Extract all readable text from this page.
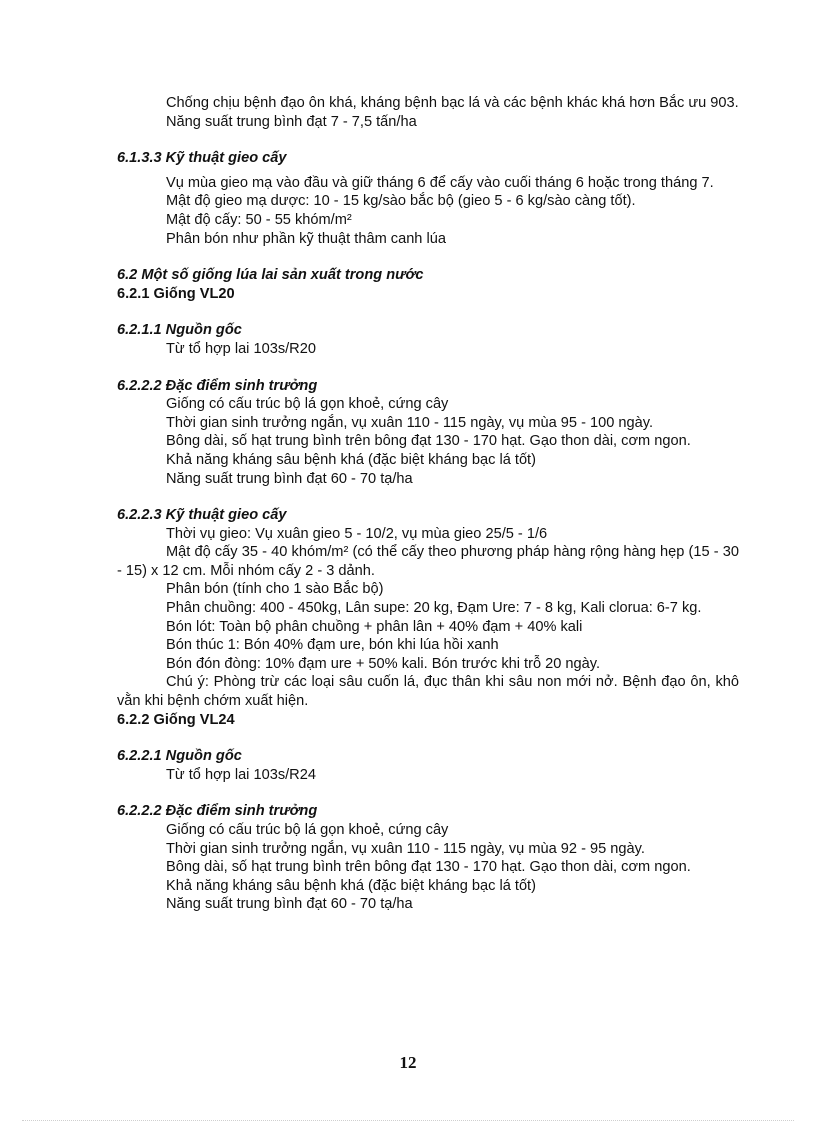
Chống chịu bệnh đạo ôn khá, kháng bệnh bạc lá và các bệnh khác khá hơn Bắc ưu 903.

Năng suất trung bình đạt 7 - 7,5 tấn/ha

6.1.3.3 Kỹ thuật gieo cấy

Vụ mùa gieo mạ vào đầu và giữ tháng 6 để cấy vào cuối tháng 6 hoặc trong tháng 7.

Mật độ gieo mạ dược: 10 - 15 kg/sào bắc bộ (gieo 5 - 6 kg/sào càng tốt).

Mật độ cấy: 50 - 55 khóm/m²

Phân bón như phần kỹ thuật thâm canh lúa

6.2 Một số giống lúa lai sản xuất trong nước
6.2.1 Giống VL20
6.2.1.1 Nguồn gốc

Từ tổ hợp lai 103s/R20

6.2.2.2 Đặc điểm sinh trưởng

Giống có cấu trúc bộ lá gọn khoẻ, cứng cây

Thời gian sinh trưởng ngắn, vụ xuân 110 - 115 ngày, vụ mùa 95 - 100 ngày.

Bông dài, số hạt trung bình trên bông đạt 130 - 170 hạt. Gạo thon dài, cơm ngon.

Khả năng kháng sâu bệnh khá (đặc biệt kháng bạc lá tốt)

Năng suất trung bình đạt 60 - 70 tạ/ha

6.2.2.3 Kỹ thuật gieo cấy

Thời vụ gieo: Vụ xuân gieo 5 - 10/2, vụ mùa gieo 25/5 - 1/6

Mật độ cấy 35 - 40 khóm/m² (có thể cấy theo phương pháp hàng rộng hàng hẹp (15 - 30 - 15) x 12 cm. Mỗi nhóm cấy 2 - 3 dảnh.

Phân bón (tính cho 1 sào Bắc bộ)

Phân chuồng: 400 - 450kg, Lân supe: 20 kg, Đạm Ure: 7 - 8 kg, Kali clorua: 6-7 kg.

Bón lót: Toàn bộ phân chuồng + phân lân + 40% đạm + 40% kali

Bón thúc 1: Bón 40% đạm ure, bón khi lúa hồi xanh

Bón đón đòng: 10% đạm ure + 50% kali. Bón trước khi trỗ 20 ngày.

Chú ý: Phòng trừ các loại sâu cuốn lá, đục thân khi sâu non mới nở. Bệnh đạo ôn, khô vằn khi bệnh chớm xuất hiện.

6.2.2 Giống VL24
6.2.2.1 Nguồn gốc

Từ tổ hợp lai 103s/R24

6.2.2.2 Đặc điểm sinh trưởng

Giống có cấu trúc bộ lá gọn khoẻ, cứng cây

Thời gian sinh trưởng ngắn, vụ xuân 110 - 115 ngày, vụ mùa 92 - 95 ngày.

Bông dài, số hạt trung bình trên bông đạt 130 - 170 hạt. Gạo thon dài, cơm ngon.

Khả năng kháng sâu bệnh khá (đặc biệt kháng bạc lá tốt)

Năng suất trung bình đạt 60 - 70 tạ/ha

12
